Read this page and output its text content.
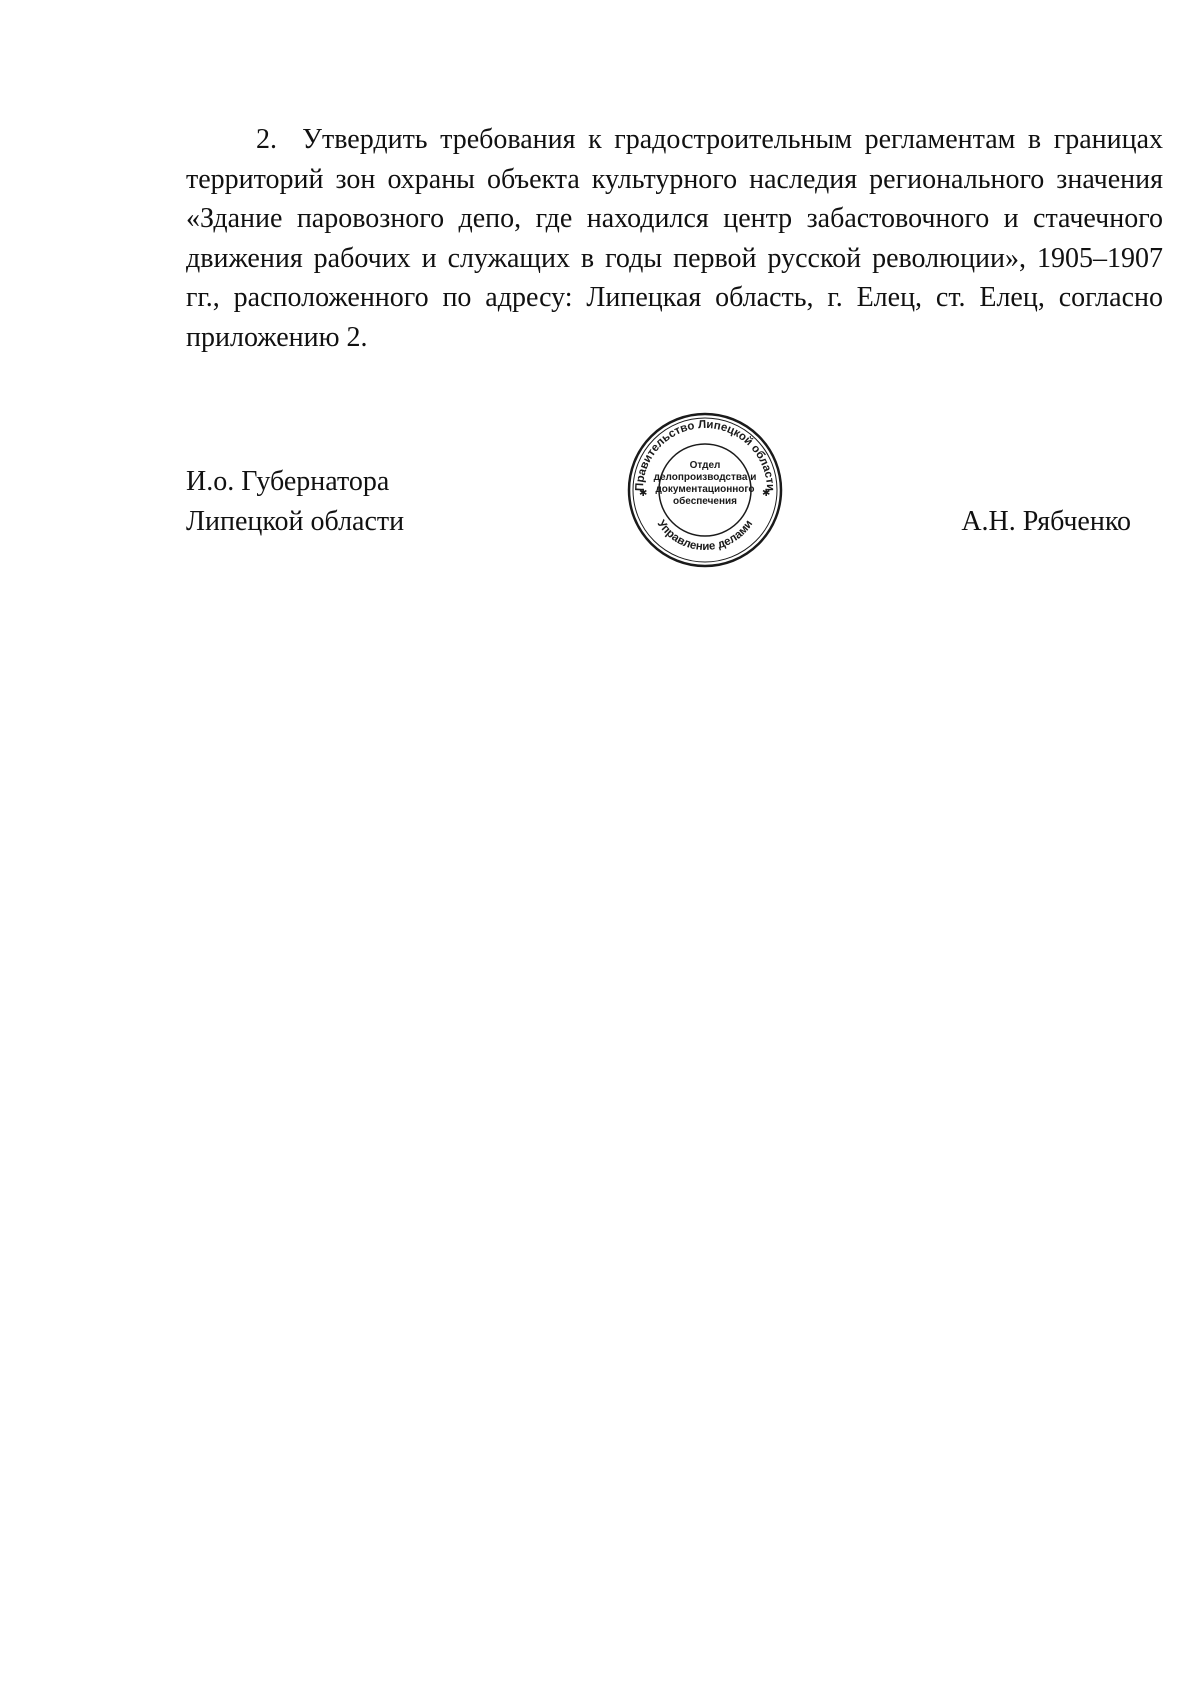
2. Утвердить требования к градостроительным регламентам в границах территорий зон охраны объекта культурного наследия регионального значения «Здание паровозного депо, где находился центр забастовочного и стачечного движения рабочих и служащих в годы первой русской революции», 1905–1907 гг., расположенного по адресу: Липецкая область, г. Елец, ст. Елец, согласно приложению 2.

И.о. Губернатора
Липецкой области	А.Н. Рябченко
Правительство Липецкой области
Управление делами
✱	✱
Отдел
делопроизводства и
документационного
обеспечения
